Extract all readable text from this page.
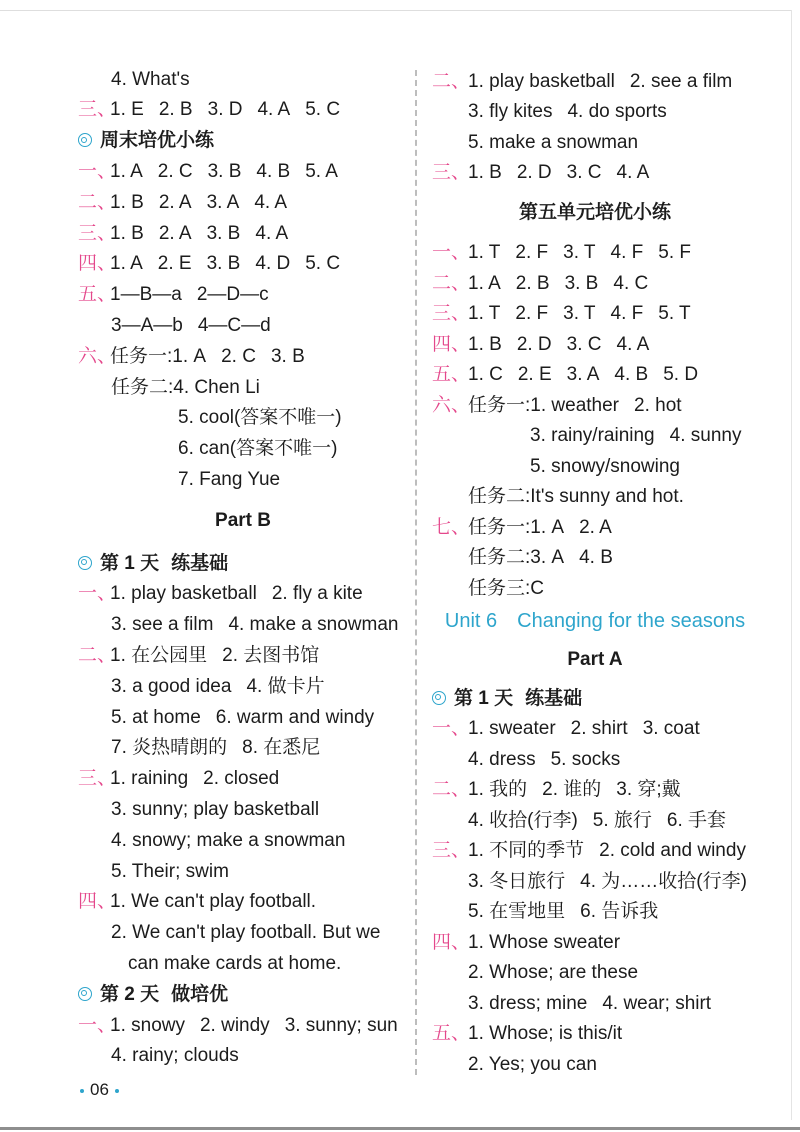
4. What's
三、1. E 2. B 3. D 4. A 5. C
周末培优小练
一、1. A 2. C 3. B 4. B 5. A
二、1. B 2. A 3. A 4. A
三、1. B 2. A 3. B 4. A
四、1. A 2. E 3. B 4. D 5. C
五、1—B—a 2—D—c
3—A—b 4—C—d
六、任务一:1. A 2. C 3. B
任务二:4. Chen Li
5. cool(答案不唯一)
6. can(答案不唯一)
7. Fang Yue
Part B
第 1 天 练基础
一、1. play basketball 2. fly a kite
3. see a film 4. make a snowman
二、1. 在公园里 2. 去图书馆
3. a good idea 4. 做卡片
5. at home 6. warm and windy
7. 炎热晴朗的 8. 在悉尼
三、1. raining 2. closed
3. sunny; play basketball
4. snowy; make a snowman
5. Their; swim
四、1. We can't play football.
2. We can't play football. But we
can make cards at home.
第 2 天 做培优
一、1. snowy 2. windy 3. sunny; sun
4. rainy; clouds
二、1. play basketball 2. see a film
3. fly kites 4. do sports
5. make a snowman
三、1. B 2. D 3. C 4. A
第五单元培优小练
一、1. T 2. F 3. T 4. F 5. F
二、1. A 2. B 3. B 4. C
三、1. T 2. F 3. T 4. F 5. T
四、1. B 2. D 3. C 4. A
五、1. C 2. E 3. A 4. B 5. D
六、任务一:1. weather 2. hot
3. rainy/raining 4. sunny
5. snowy/snowing
任务二:It's sunny and hot.
七、任务一:1. A 2. A
任务二:3. A 4. B
任务三:C
Unit 6 Changing for the seasons
Part A
第 1 天 练基础
一、1. sweater 2. shirt 3. coat
4. dress 5. socks
二、1. 我的 2. 谁的 3. 穿;戴
4. 收拾(行李) 5. 旅行 6. 手套
三、1. 不同的季节 2. cold and windy
3. 冬日旅行 4. 为……收拾(行李)
5. 在雪地里 6. 告诉我
四、1. Whose sweater
2. Whose; are these
3. dress; mine 4. wear; shirt
五、1. Whose; is this/it
2. Yes; you can
06
